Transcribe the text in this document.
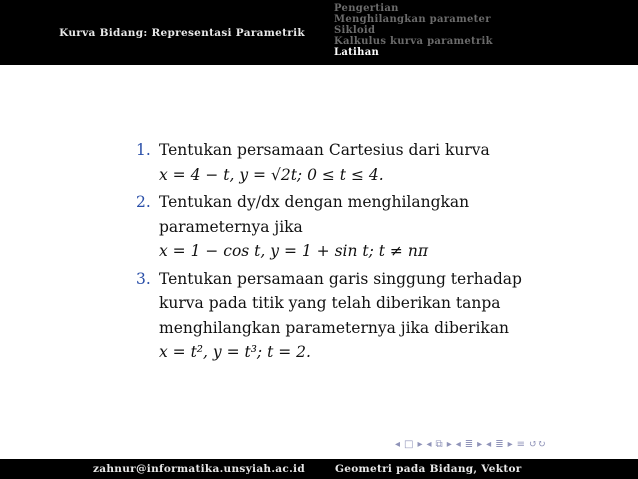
Kurva Bidang: Representasi Parametrik
Pengertian
Menghilangkan parameter
Sikloid
Kalkulus kurva parametrik
Latihan
1. Tentukan persamaan Cartesius dari kurva
x = 4 − t, y = √2t; 0 ≤ t ≤ 4.
2. Tentukan dy/dx dengan menghilangkan
parameternya jika
x = 1 − cos t, y = 1 + sin t; t ≠ nπ
3. Tentukan persamaan garis singgung terhadap
kurva pada titik yang telah diberikan tanpa
menghilangkan parameternya jika diberikan
x = t², y = t³; t = 2.
◂ □ ▸ ◂ ⧉ ▸ ◂ ≣ ▸ ◂ ≣ ▸ ≡ ↺↻
zahnur@informatika.unsyiah.ac.id	Geometri pada Bidang, Vektor
